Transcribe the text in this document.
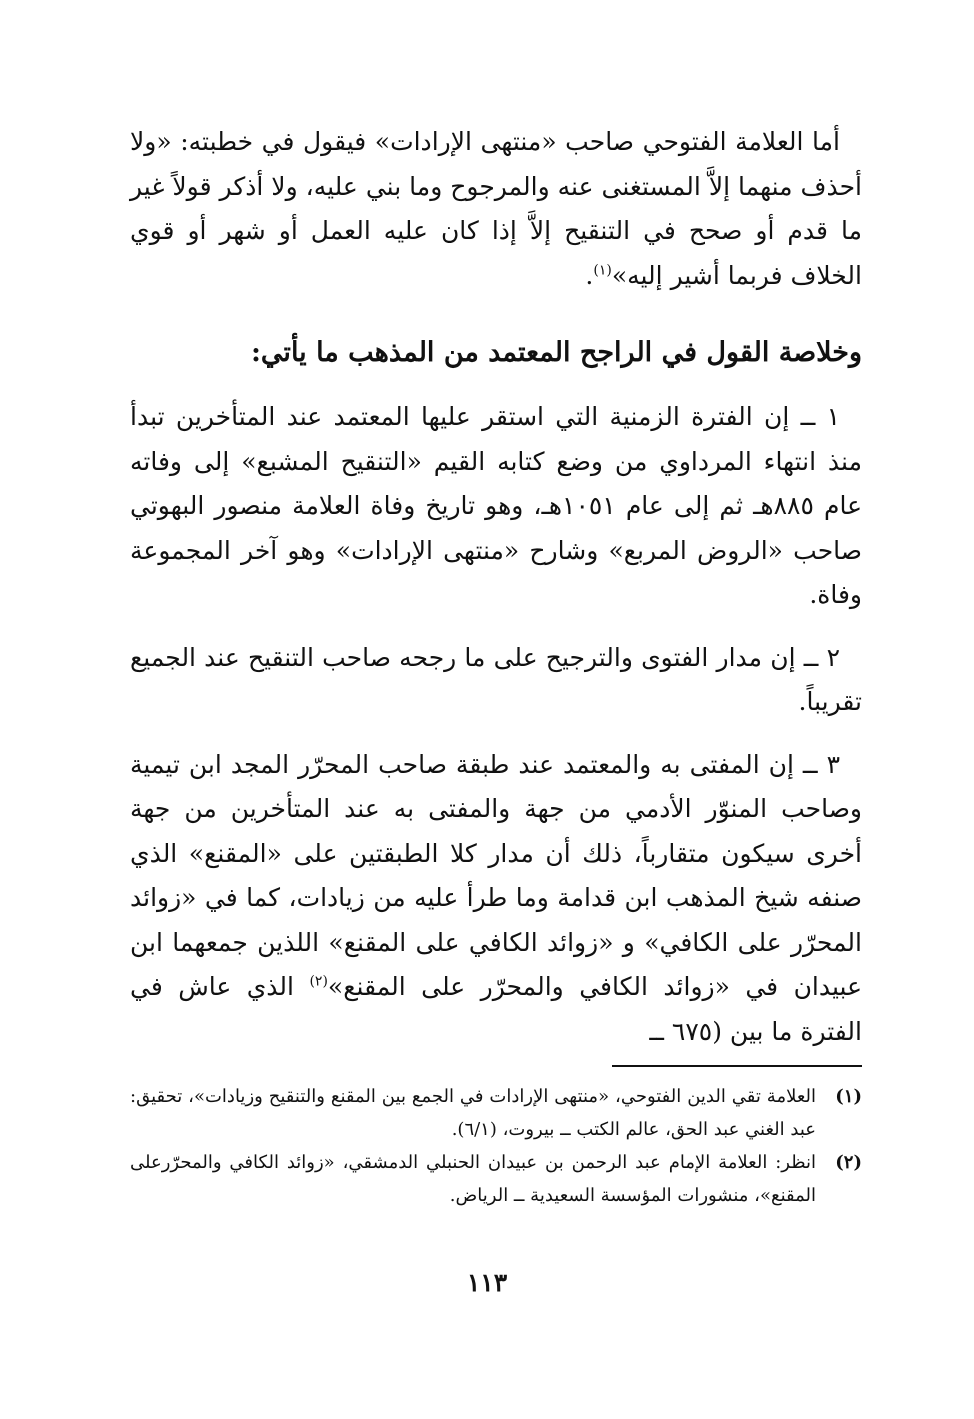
أما العلامة الفتوحي صاحب «منتهى الإرادات» فيقول في خطبته: «ولا أحذف منهما إلاَّ المستغنى عنه والمرجوح وما بني عليه، ولا أذكر قولاً غير ما قدم أو صحح في التنقيح إلاَّ إذا كان عليه العمل أو شهر أو قوي الخلاف فربما أشير إليه»$^{(١)}$.

وخلاصة القول في الراجح المعتمد من المذهب ما يأتي:

١ ــ إن الفترة الزمنية التي استقر عليها المعتمد عند المتأخرين تبدأ منذ انتهاء المرداوي من وضع كتابه القيم «التنقيح المشبع» إلى وفاته عام ٨٨٥هـ ثم إلى عام ١٠٥١هـ، وهو تاريخ وفاة العلامة منصور البهوتي صاحب «الروض المربع» وشارح «منتهى الإرادات» وهو آخر المجموعة وفاة.

٢ ــ إن مدار الفتوى والترجيح على ما رجحه صاحب التنقيح عند الجميع تقريباً.

٣ ــ إن المفتى به والمعتمد عند طبقة صاحب المحرّر المجد ابن تيمية وصاحب المنوّر الأدمي من جهة والمفتى به عند المتأخرين من جهة أخرى سيكون متقارباً، ذلك أن مدار كلا الطبقتين على «المقنع» الذي صنفه شيخ المذهب ابن قدامة وما طرأ عليه من زيادات، كما في «زوائد المحرّر على الكافي» و «زوائد الكافي على المقنع» اللذين جمعهما ابن عبيدان في «زوائد الكافي والمحرّر على المقنع»$^{(٢)}$ الذي عاش في الفترة ما بين (٦٧٥ ــ

(١)
العلامة تقي الدين الفتوحي، «منتهى الإرادات في الجمع بين المقنع والتنقيح وزيادات»، تحقيق: عبد الغني عبد الحق، عالم الكتب ــ بيروت، (٦/١).

(٢)
انظر: العلامة الإمام عبد الرحمن بن عبيدان الحنبلي الدمشقي، «زوائد الكافي والمحرّرعلى المقنع»، منشورات المؤسسة السعيدية ــ الرياض.

١١٣
